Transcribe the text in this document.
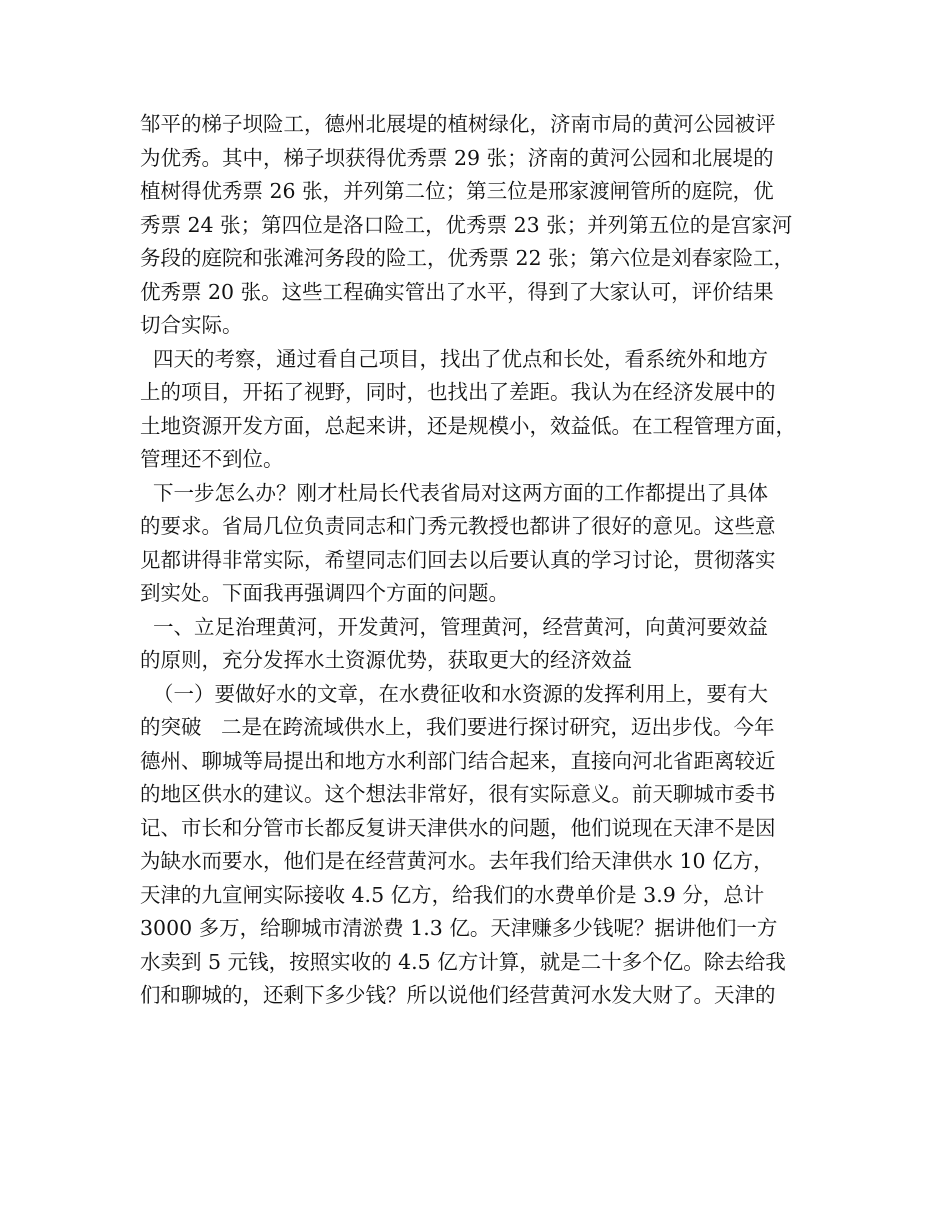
邹平的梯子坝险工，德州北展堤的植树绿化，济南市局的黄河公园被评
为优秀。其中，梯子坝获得优秀票 29 张；济南的黄河公园和北展堤的
植树得优秀票 26 张，并列第二位；第三位是邢家渡闸管所的庭院，优
秀票 24 张；第四位是洛口险工，优秀票 23 张；并列第五位的是宫家河
务段的庭院和张滩河务段的险工，优秀票 22 张；第六位是刘春家险工，
优秀票 20 张。这些工程确实管出了水平，得到了大家认可，评价结果
切合实际。
四天的考察，通过看自己项目，找出了优点和长处，看系统外和地方
上的项目，开拓了视野，同时，也找出了差距。我认为在经济发展中的
土地资源开发方面，总起来讲，还是规模小，效益低。在工程管理方面，
管理还不到位。
下一步怎么办？刚才杜局长代表省局对这两方面的工作都提出了具体
的要求。省局几位负责同志和门秀元教授也都讲了很好的意见。这些意
见都讲得非常实际，希望同志们回去以后要认真的学习讨论，贯彻落实
到实处。下面我再强调四个方面的问题。
一、立足治理黄河，开发黄河，管理黄河，经营黄河，向黄河要效益
的原则，充分发挥水土资源优势，获取更大的经济效益
（一）要做好水的文章，在水费征收和水资源的发挥利用上，要有大
的突破   二是在跨流域供水上，我们要进行探讨研究，迈出步伐。今年
德州、聊城等局提出和地方水利部门结合起来，直接向河北省距离较近
的地区供水的建议。这个想法非常好，很有实际意义。前天聊城市委书
记、市长和分管市长都反复讲天津供水的问题，他们说现在天津不是因
为缺水而要水，他们是在经营黄河水。去年我们给天津供水 10 亿方，
天津的九宣闸实际接收 4.5 亿方，给我们的水费单价是 3.9 分，总计
3000 多万，给聊城市清淤费 1.3 亿。天津赚多少钱呢？据讲他们一方
水卖到 5 元钱，按照实收的 4.5 亿方计算，就是二十多个亿。除去给我
们和聊城的，还剩下多少钱？所以说他们经营黄河水发大财了。天津的
